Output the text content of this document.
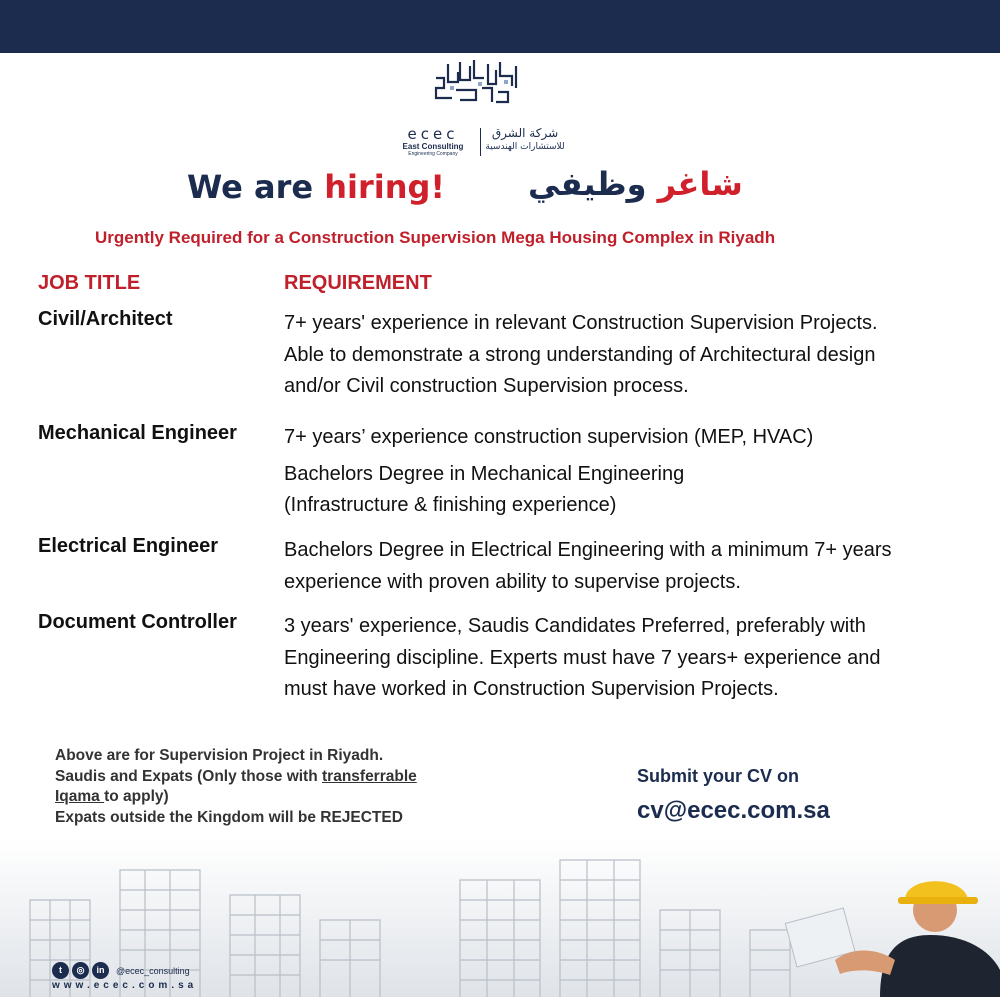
ecec
East Consulting
Engineering Company
شركة الشرق
للاستشارات الهندسية
We are hiring!	شاغر وظيفي
Urgently Required for a Construction Supervision Mega Housing Complex in Riyadh
JOB TITLE	REQUIREMENT
Civil/Architect	7+ years' experience in relevant Construction Supervision Projects.
Able to demonstrate a strong understanding of Architectural design
and/or Civil construction Supervision process.
Mechanical Engineer 7+ years’ experience construction supervision (MEP, HVAC)
Bachelors Degree in Mechanical Engineering
(Infrastructure & finishing experience)
Electrical Engineer	Bachelors Degree in Electrical Engineering with a minimum 7+ years
experience with proven ability to supervise projects.
Document Controller 3 years' experience, Saudis Candidates Preferred, preferably with
Engineering discipline. Experts must have 7 years+ experience and
must have worked in Construction Supervision Projects.
Above are for Supervision Project in Riyadh.
Saudis and Expats (Only those with transferrable
Iqama to apply)
Expats outside the Kingdom will be REJECTED
Submit your CV on
cv@ecec.com.sa
t	◎	in	@ecec_consulting
www.ecec.com.sa
